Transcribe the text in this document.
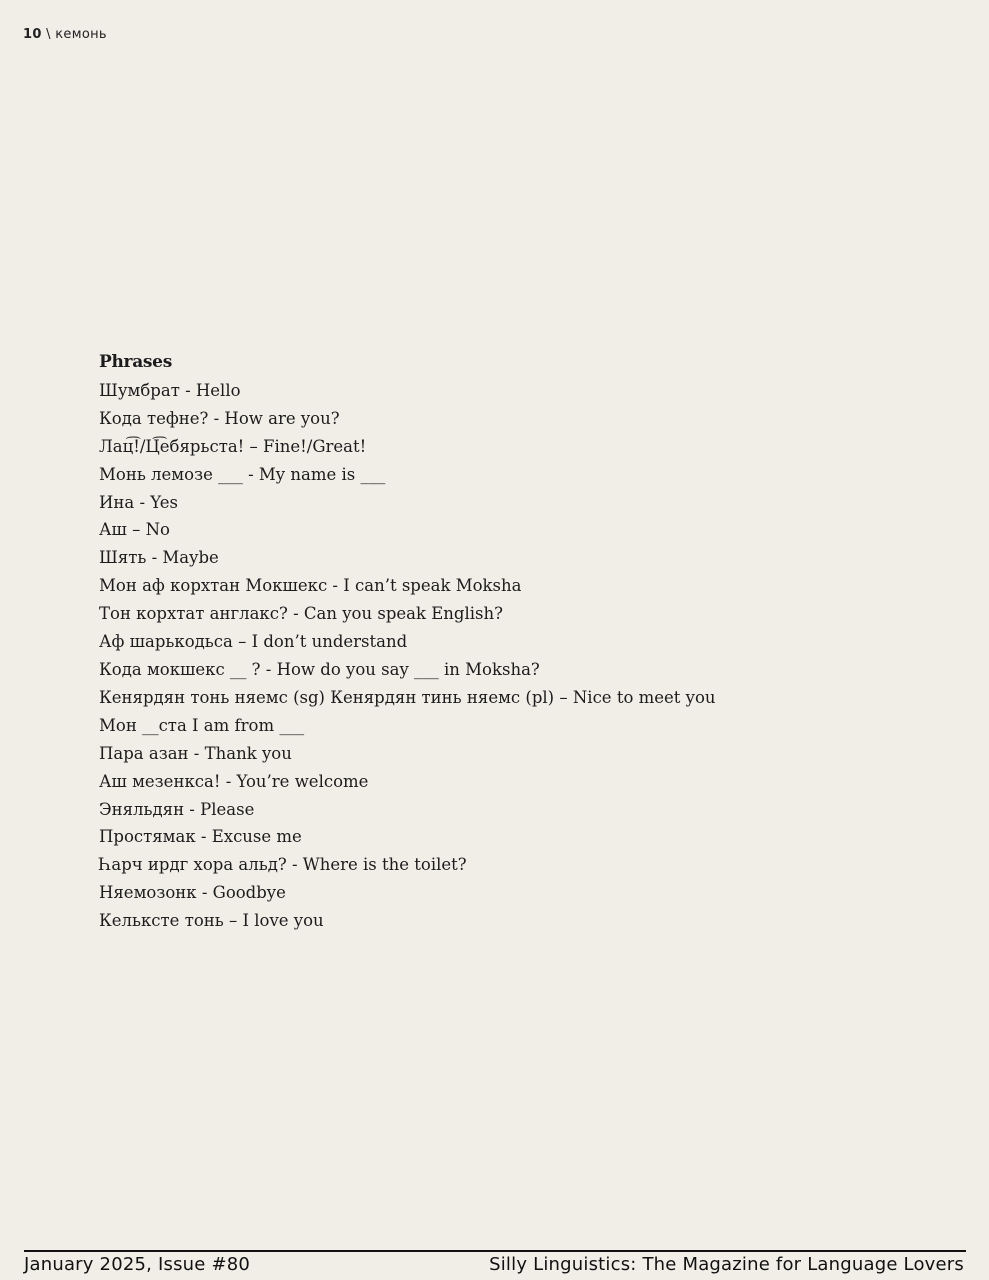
10 \ кемонь
Phrases
Шумбрат - Hello
Кода тефне? - How are you?
Лац͡!/Ц͡ебярьста! – Fine!/Great!
Монь лемозе ___ - My name is ___
Ина - Yes
Аш – No
Шять - Maybe
Мон аф корхтан Мокшекс - I can’t speak Moksha
Тон корхтат англакс? - Can you speak English?
Аф шарькодьса – I don’t understand
Кода мокшекс __ ? - How do you say ___ in Moksha?
Кенярдян тонь няемс (sg) Кенярдян тинь няемс (pl) – Nice to meet you
Мон __ста I am from ___
Пара азан - Thank you
Аш мезенкса! - You’re welcome
Эняльдян - Please
Простямак - Excuse me
Һарч ирдг хора альд? - Where is the toilet?
Няемозонк - Goodbye
Кельксте тонь – I love you
January 2025, Issue #80	Silly Linguistics: The Magazine for Language Lovers
